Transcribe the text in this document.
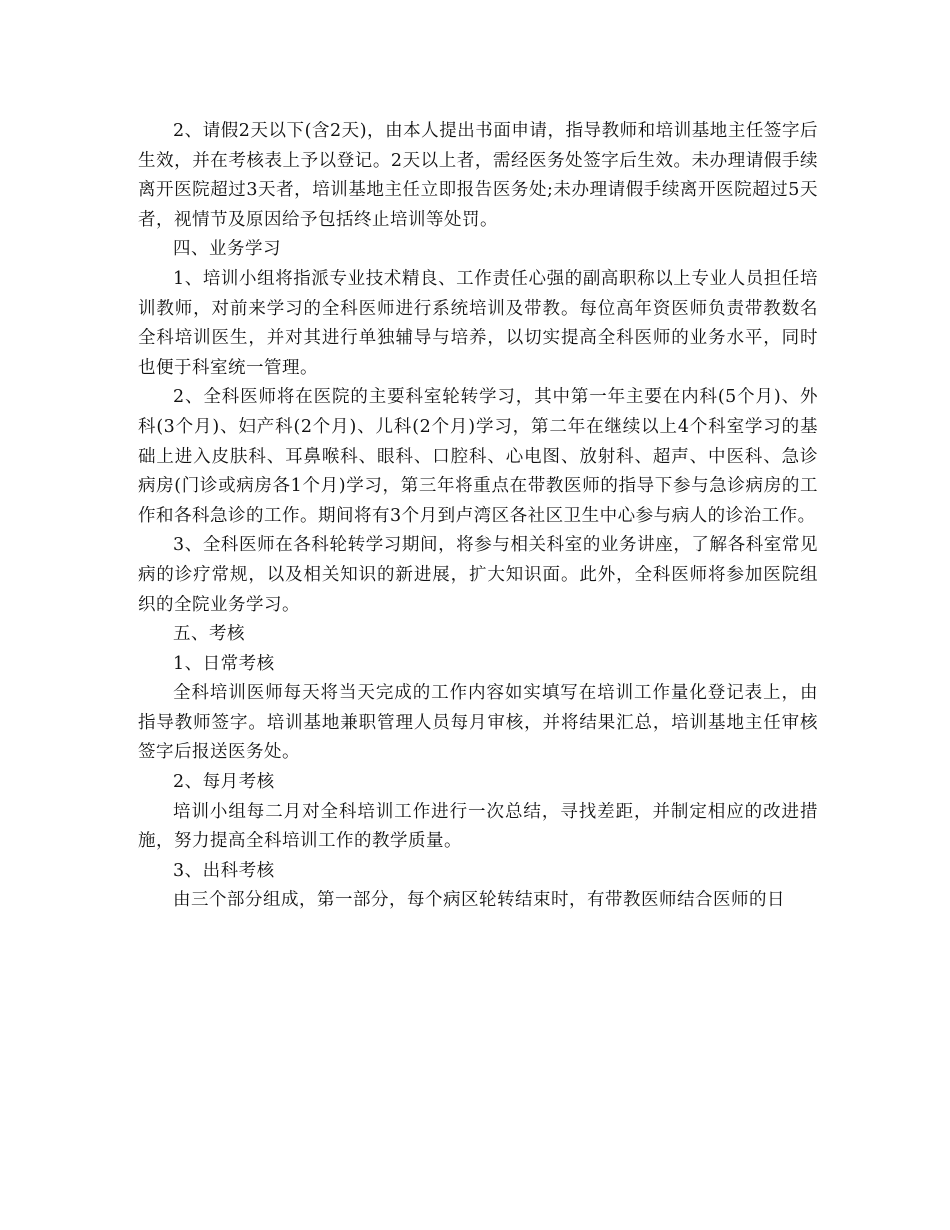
2、请假2天以下(含2天)，由本人提出书面申请，指导教师和培训基地主任签字后生效，并在考核表上予以登记。2天以上者，需经医务处签字后生效。未办理请假手续离开医院超过3天者，培训基地主任立即报告医务处;未办理请假手续离开医院超过5天者，视情节及原因给予包括终止培训等处罚。

四、业务学习

1、培训小组将指派专业技术精良、工作责任心强的副高职称以上专业人员担任培训教师，对前来学习的全科医师进行系统培训及带教。每位高年资医师负责带教数名全科培训医生，并对其进行单独辅导与培养，以切实提高全科医师的业务水平，同时也便于科室统一管理。

2、全科医师将在医院的主要科室轮转学习，其中第一年主要在内科(5个月)、外科(3个月)、妇产科(2个月)、儿科(2个月)学习，第二年在继续以上4个科室学习的基础上进入皮肤科、耳鼻喉科、眼科、口腔科、心电图、放射科、超声、中医科、急诊病房(门诊或病房各1个月)学习，第三年将重点在带教医师的指导下参与急诊病房的工作和各科急诊的工作。期间将有3个月到卢湾区各社区卫生中心参与病人的诊治工作。

3、全科医师在各科轮转学习期间，将参与相关科室的业务讲座，了解各科室常见病的诊疗常规，以及相关知识的新进展，扩大知识面。此外，全科医师将参加医院组织的全院业务学习。

五、考核

1、日常考核

全科培训医师每天将当天完成的工作内容如实填写在培训工作量化登记表上，由指导教师签字。培训基地兼职管理人员每月审核，并将结果汇总，培训基地主任审核签字后报送医务处。

2、每月考核

培训小组每二月对全科培训工作进行一次总结，寻找差距，并制定相应的改进措施，努力提高全科培训工作的教学质量。

3、出科考核

由三个部分组成，第一部分，每个病区轮转结束时，有带教医师结合医师的日
